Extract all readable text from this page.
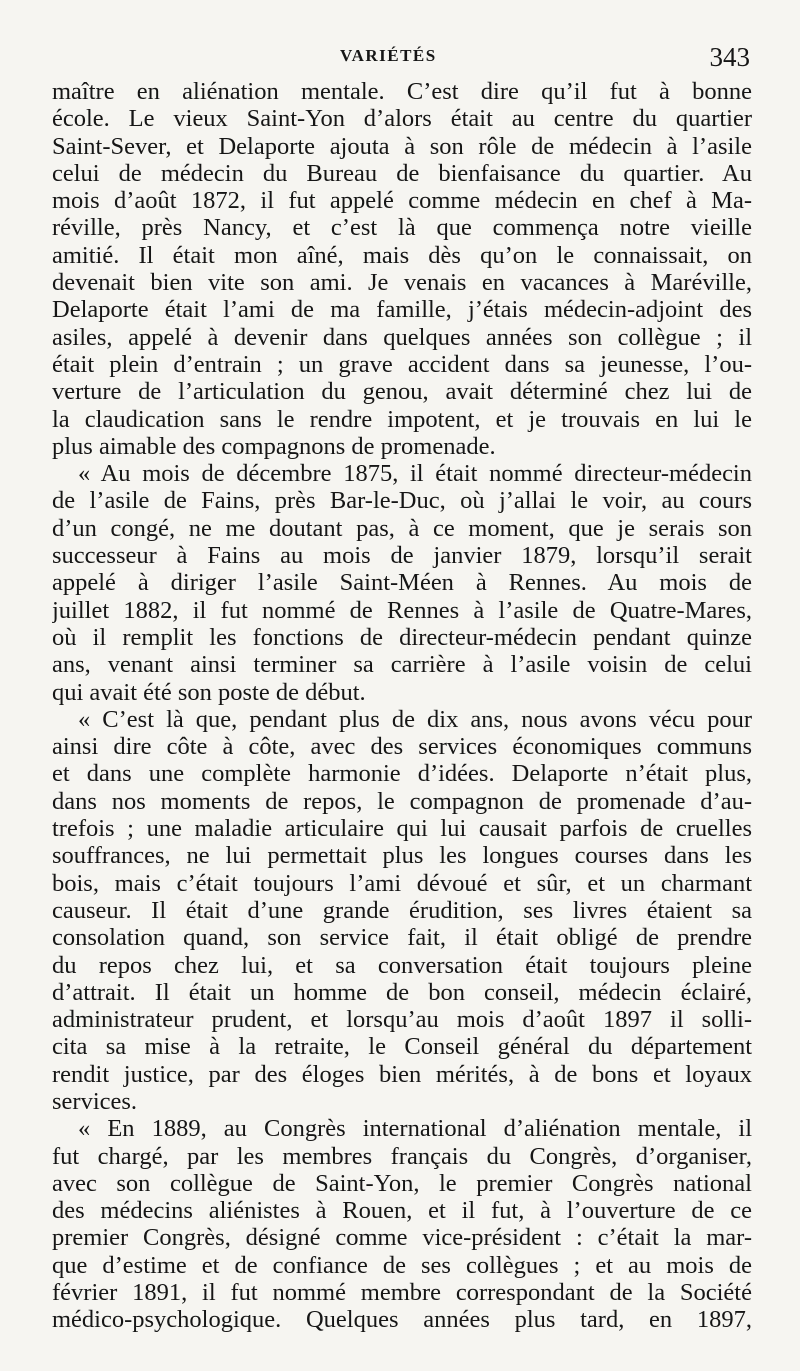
VARIÉTÉS	343
maître en aliénation mentale. C’est dire qu’il fut à bonne
école. Le vieux Saint-Yon d’alors était au centre du quartier
Saint-Sever, et Delaporte ajouta à son rôle de médecin à l’asile
celui de médecin du Bureau de bienfaisance du quartier. Au
mois d’août 1872, il fut appelé comme médecin en chef à Ma-
réville, près Nancy, et c’est là que commença notre vieille
amitié. Il était mon aîné, mais dès qu’on le connaissait, on
devenait bien vite son ami. Je venais en vacances à Maréville,
Delaporte était l’ami de ma famille, j’étais médecin-adjoint des
asiles, appelé à devenir dans quelques années son collègue ; il
était plein d’entrain ; un grave accident dans sa jeunesse, l’ou-
verture de l’articulation du genou, avait déterminé chez lui de
la claudication sans le rendre impotent, et je trouvais en lui le
plus aimable des compagnons de promenade.
« Au mois de décembre 1875, il était nommé directeur-médecin
de l’asile de Fains, près Bar-le-Duc, où j’allai le voir, au cours
d’un congé, ne me doutant pas, à ce moment, que je serais son
successeur à Fains au mois de janvier 1879, lorsqu’il serait
appelé à diriger l’asile Saint-Méen à Rennes. Au mois de
juillet 1882, il fut nommé de Rennes à l’asile de Quatre-Mares,
où il remplit les fonctions de directeur-médecin pendant quinze
ans, venant ainsi terminer sa carrière à l’asile voisin de celui
qui avait été son poste de début.
« C’est là que, pendant plus de dix ans, nous avons vécu pour
ainsi dire côte à côte, avec des services économiques communs
et dans une complète harmonie d’idées. Delaporte n’était plus,
dans nos moments de repos, le compagnon de promenade d’au-
trefois ; une maladie articulaire qui lui causait parfois de cruelles
souffrances, ne lui permettait plus les longues courses dans les
bois, mais c’était toujours l’ami dévoué et sûr, et un charmant
causeur. Il était d’une grande érudition, ses livres étaient sa
consolation quand, son service fait, il était obligé de prendre
du repos chez lui, et sa conversation était toujours pleine
d’attrait. Il était un homme de bon conseil, médecin éclairé,
administrateur prudent, et lorsqu’au mois d’août 1897 il solli-
cita sa mise à la retraite, le Conseil général du département
rendit justice, par des éloges bien mérités, à de bons et loyaux
services.
« En 1889, au Congrès international d’aliénation mentale, il
fut chargé, par les membres français du Congrès, d’organiser,
avec son collègue de Saint-Yon, le premier Congrès national
des médecins aliénistes à Rouen, et il fut, à l’ouverture de ce
premier Congrès, désigné comme vice-président : c’était la mar-
que d’estime et de confiance de ses collègues ; et au mois de
février 1891, il fut nommé membre correspondant de la Société
médico-psychologique. Quelques années plus tard, en 1897,
